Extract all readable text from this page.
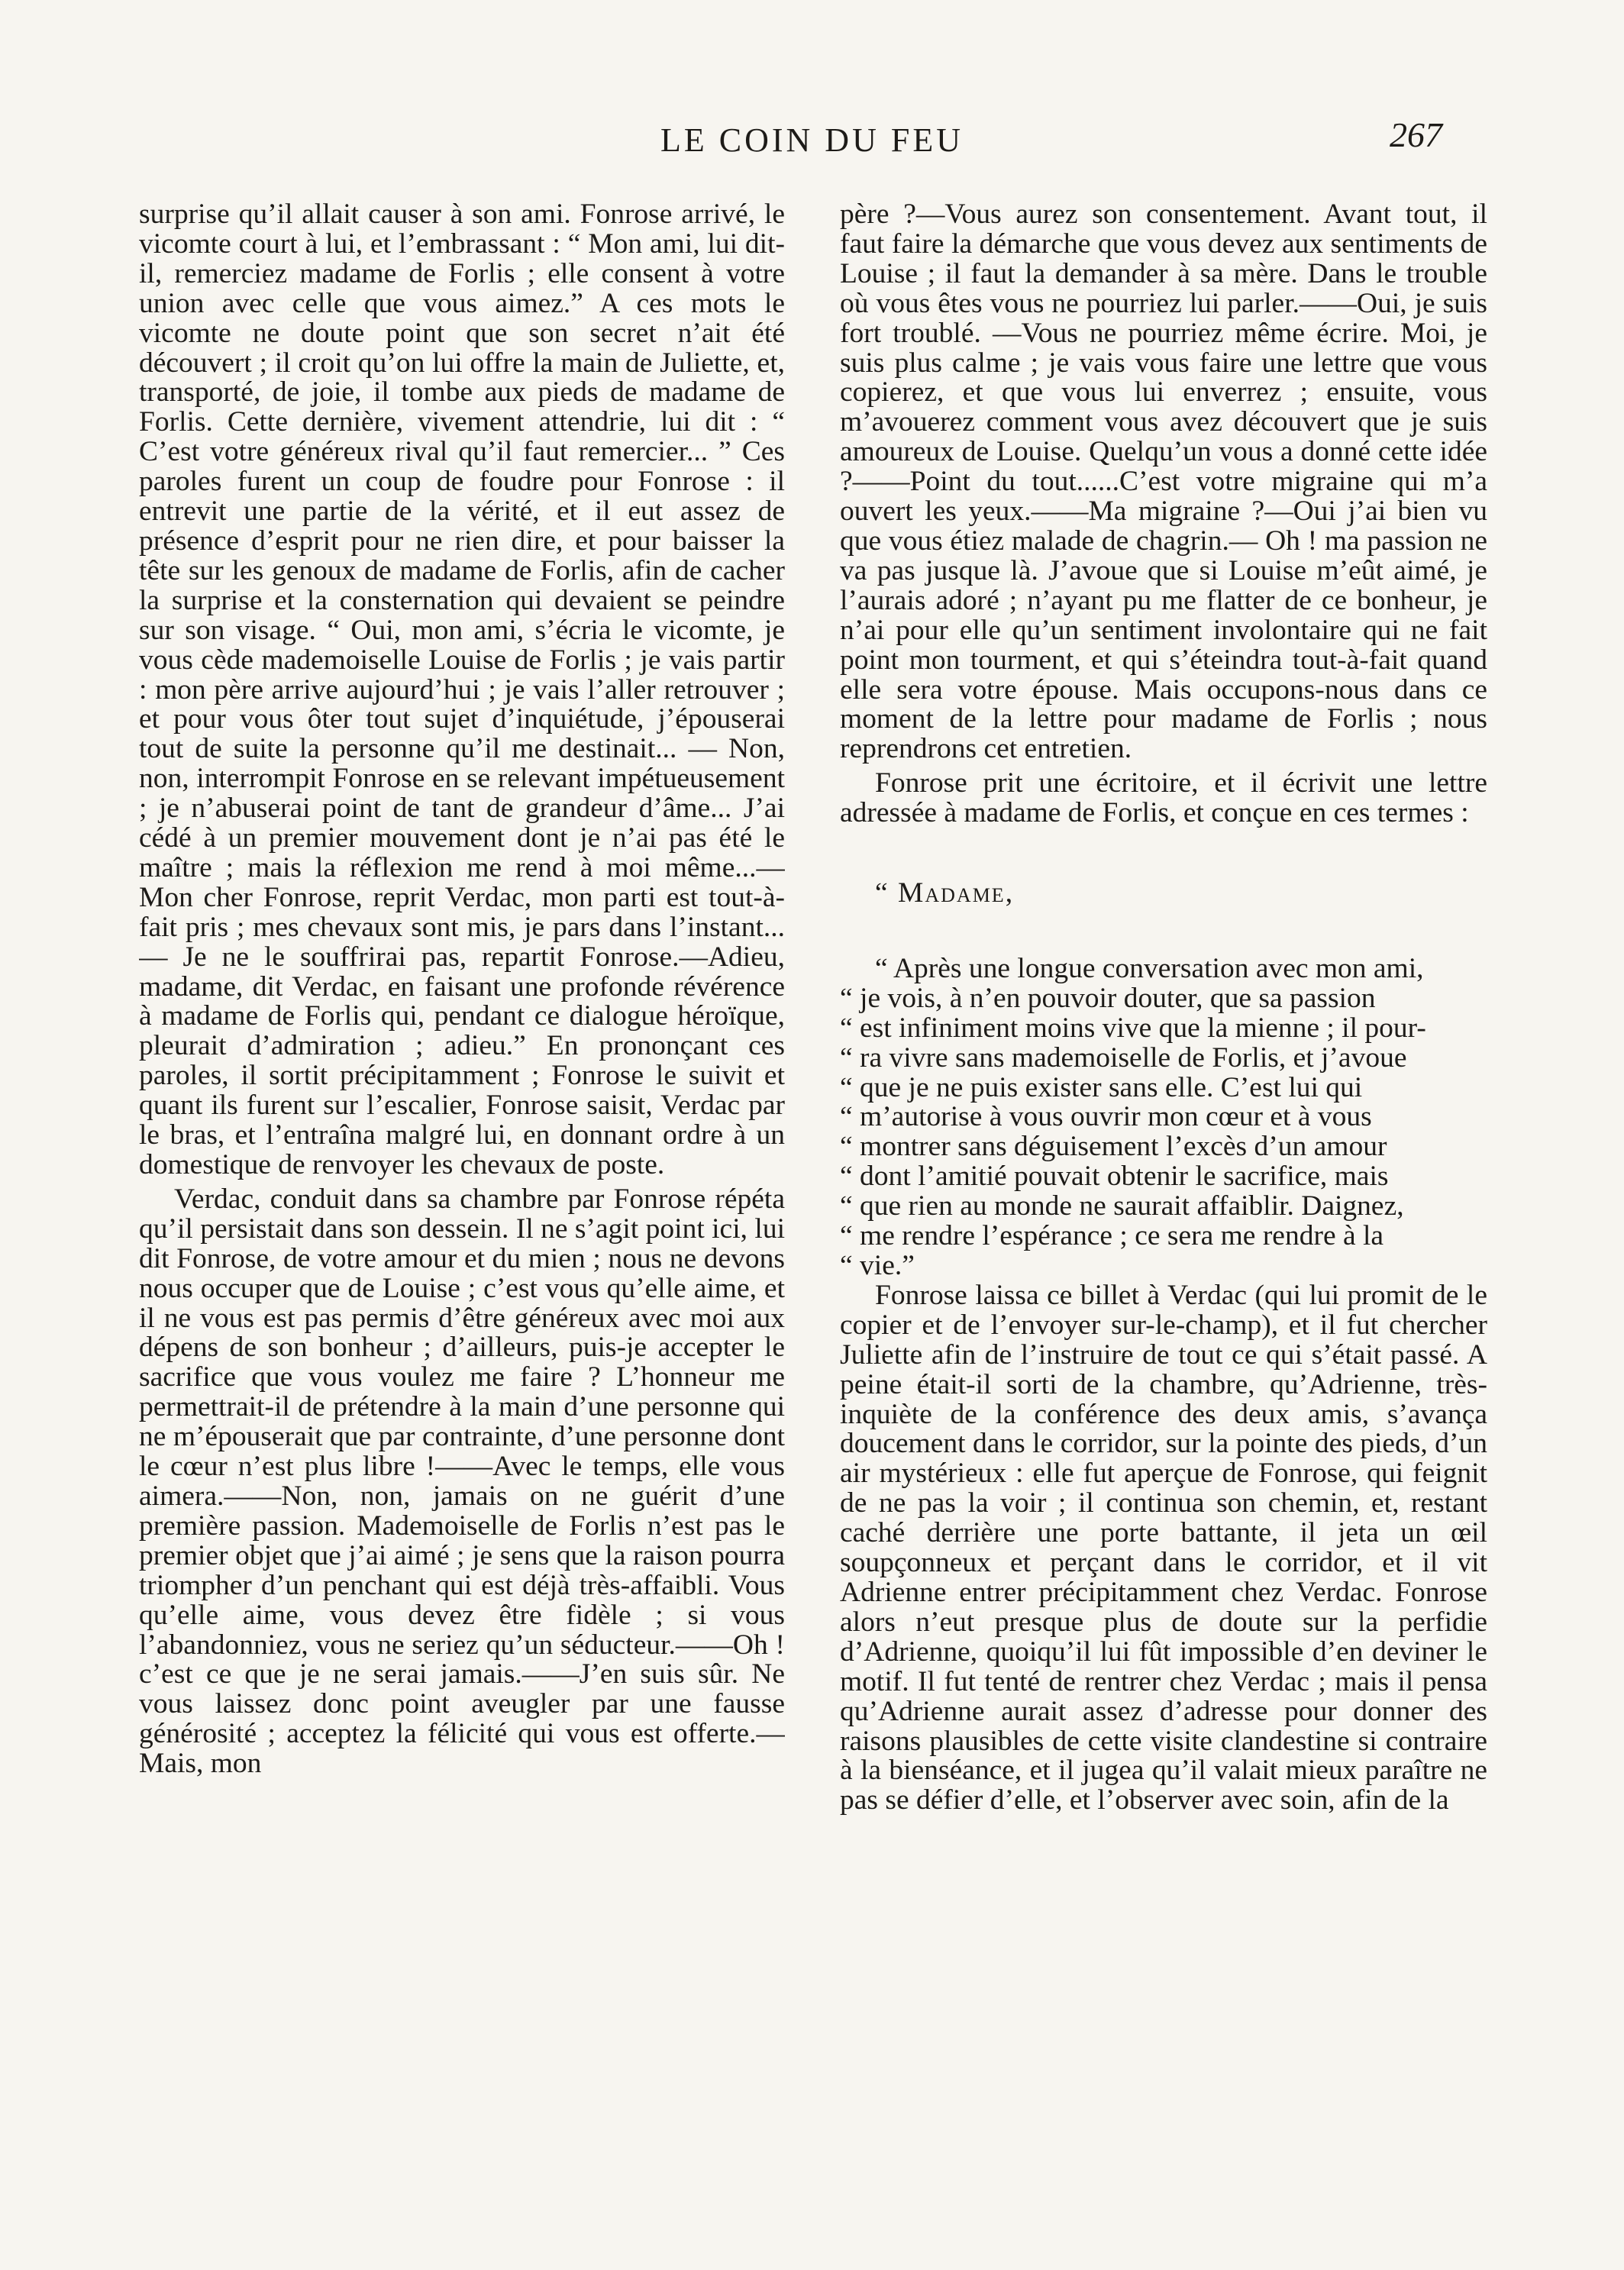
LE COIN DU FEU	267

surprise qu’il allait causer à son ami. Fonrose arrivé, le vicomte court à lui, et l’embrassant : “ Mon ami, lui dit-il, remerciez madame de Forlis ; elle consent à votre union avec celle que vous aimez.” A ces mots le vicomte ne doute point que son secret n’ait été découvert ; il croit qu’on lui offre la main de Juliette, et, transporté, de joie, il tombe aux pieds de madame de Forlis. Cette dernière, vivement attendrie, lui dit : “ C’est votre généreux rival qu’il faut remercier... ” Ces paroles furent un coup de foudre pour Fonrose : il entrevit une partie de la vérité, et il eut assez de présence d’esprit pour ne rien dire, et pour baisser la tête sur les genoux de madame de Forlis, afin de cacher la surprise et la consternation qui devaient se peindre sur son visage. “ Oui, mon ami, s’écria le vicomte, je vous cède mademoiselle Louise de Forlis ; je vais partir : mon père arrive aujourd’hui ; je vais l’aller retrouver ; et pour vous ôter tout sujet d’inquiétude, j’épouserai tout de suite la personne qu’il me destinait... — Non, non, interrompit Fonrose en se relevant impétueusement ; je n’abuserai point de tant de grandeur d’âme... J’ai cédé à un premier mouvement dont je n’ai pas été le maître ; mais la réflexion me rend à moi même...— Mon cher Fonrose, reprit Verdac, mon parti est tout-à-fait pris ; mes chevaux sont mis, je pars dans l’instant... — Je ne le souffrirai pas, repartit Fonrose.—Adieu, madame, dit Verdac, en faisant une profonde révérence à madame de Forlis qui, pendant ce dialogue héroïque, pleurait d’admiration ; adieu.” En prononçant ces paroles, il sortit précipitamment ; Fonrose le suivit et quant ils furent sur l’escalier, Fonrose saisit, Verdac par le bras, et l’entraîna malgré lui, en donnant ordre à un domestique de renvoyer les chevaux de poste.

Verdac, conduit dans sa chambre par Fonrose répéta qu’il persistait dans son dessein. Il ne s’agit point ici, lui dit Fonrose, de votre amour et du mien ; nous ne devons nous occuper que de Louise ; c’est vous qu’elle aime, et il ne vous est pas permis d’être généreux avec moi aux dépens de son bonheur ; d’ailleurs, puis-je accepter le sacrifice que vous voulez me faire ? L’honneur me permettrait-il de prétendre à la main d’une personne qui ne m’épouserait que par contrainte, d’une personne dont le cœur n’est plus libre !——Avec le temps, elle vous aimera.——Non, non, jamais on ne guérit d’une première passion. Mademoiselle de Forlis n’est pas le premier objet que j’ai aimé ; je sens que la raison pourra triompher d’un penchant qui est déjà très-affaibli. Vous qu’elle aime, vous devez être fidèle ; si vous l’abandonniez, vous ne seriez qu’un séducteur.——Oh ! c’est ce que je ne serai jamais.——J’en suis sûr. Ne vous laissez donc point aveugler par une fausse générosité ; acceptez la félicité qui vous est offerte.—Mais, mon

père ?—Vous aurez son consentement. Avant tout, il faut faire la démarche que vous devez aux sentiments de Louise ; il faut la demander à sa mère. Dans le trouble où vous êtes vous ne pourriez lui parler.——Oui, je suis fort troublé. —Vous ne pourriez même écrire. Moi, je suis plus calme ; je vais vous faire une lettre que vous copierez, et que vous lui enverrez ; ensuite, vous m’avouerez comment vous avez découvert que je suis amoureux de Louise. Quelqu’un vous a donné cette idée ?——Point du tout......C’est votre migraine qui m’a ouvert les yeux.——Ma migraine ?—Oui j’ai bien vu que vous étiez malade de chagrin.— Oh ! ma passion ne va pas jusque là. J’avoue que si Louise m’eût aimé, je l’aurais adoré ; n’ayant pu me flatter de ce bonheur, je n’ai pour elle qu’un sentiment involontaire qui ne fait point mon tourment, et qui s’éteindra tout-à-fait quand elle sera votre épouse. Mais occupons-nous dans ce moment de la lettre pour madame de Forlis ; nous reprendrons cet entretien.

Fonrose prit une écritoire, et il écrivit une lettre adressée à madame de Forlis, et conçue en ces termes :

“ Madame,

“ Après une longue conversation avec mon ami,
“ je vois, à n’en pouvoir douter, que sa passion
“ est infiniment moins vive que la mienne ; il pour-
“ ra vivre sans mademoiselle de Forlis, et j’avoue
“ que je ne puis exister sans elle. C’est lui qui
“ m’autorise à vous ouvrir mon cœur et à vous
“ montrer sans déguisement l’excès d’un amour
“ dont l’amitié pouvait obtenir le sacrifice, mais
“ que rien au monde ne saurait affaiblir. Daignez,
“ me rendre l’espérance ; ce sera me rendre à la
“ vie.”

Fonrose laissa ce billet à Verdac (qui lui promit de le copier et de l’envoyer sur-le-champ), et il fut chercher Juliette afin de l’instruire de tout ce qui s’était passé. A peine était-il sorti de la chambre, qu’Adrienne, très-inquiète de la conférence des deux amis, s’avança doucement dans le corridor, sur la pointe des pieds, d’un air mystérieux : elle fut aperçue de Fonrose, qui feignit de ne pas la voir ; il continua son chemin, et, restant caché derrière une porte battante, il jeta un œil soupçonneux et perçant dans le corridor, et il vit Adrienne entrer précipitamment chez Verdac. Fonrose alors n’eut presque plus de doute sur la perfidie d’Adrienne, quoiqu’il lui fût impossible d’en deviner le motif. Il fut tenté de rentrer chez Verdac ; mais il pensa qu’Adrienne aurait assez d’adresse pour donner des raisons plausibles de cette visite clandestine si contraire à la bienséance, et il jugea qu’il valait mieux paraître ne pas se défier d’elle, et l’observer avec soin, afin de la
